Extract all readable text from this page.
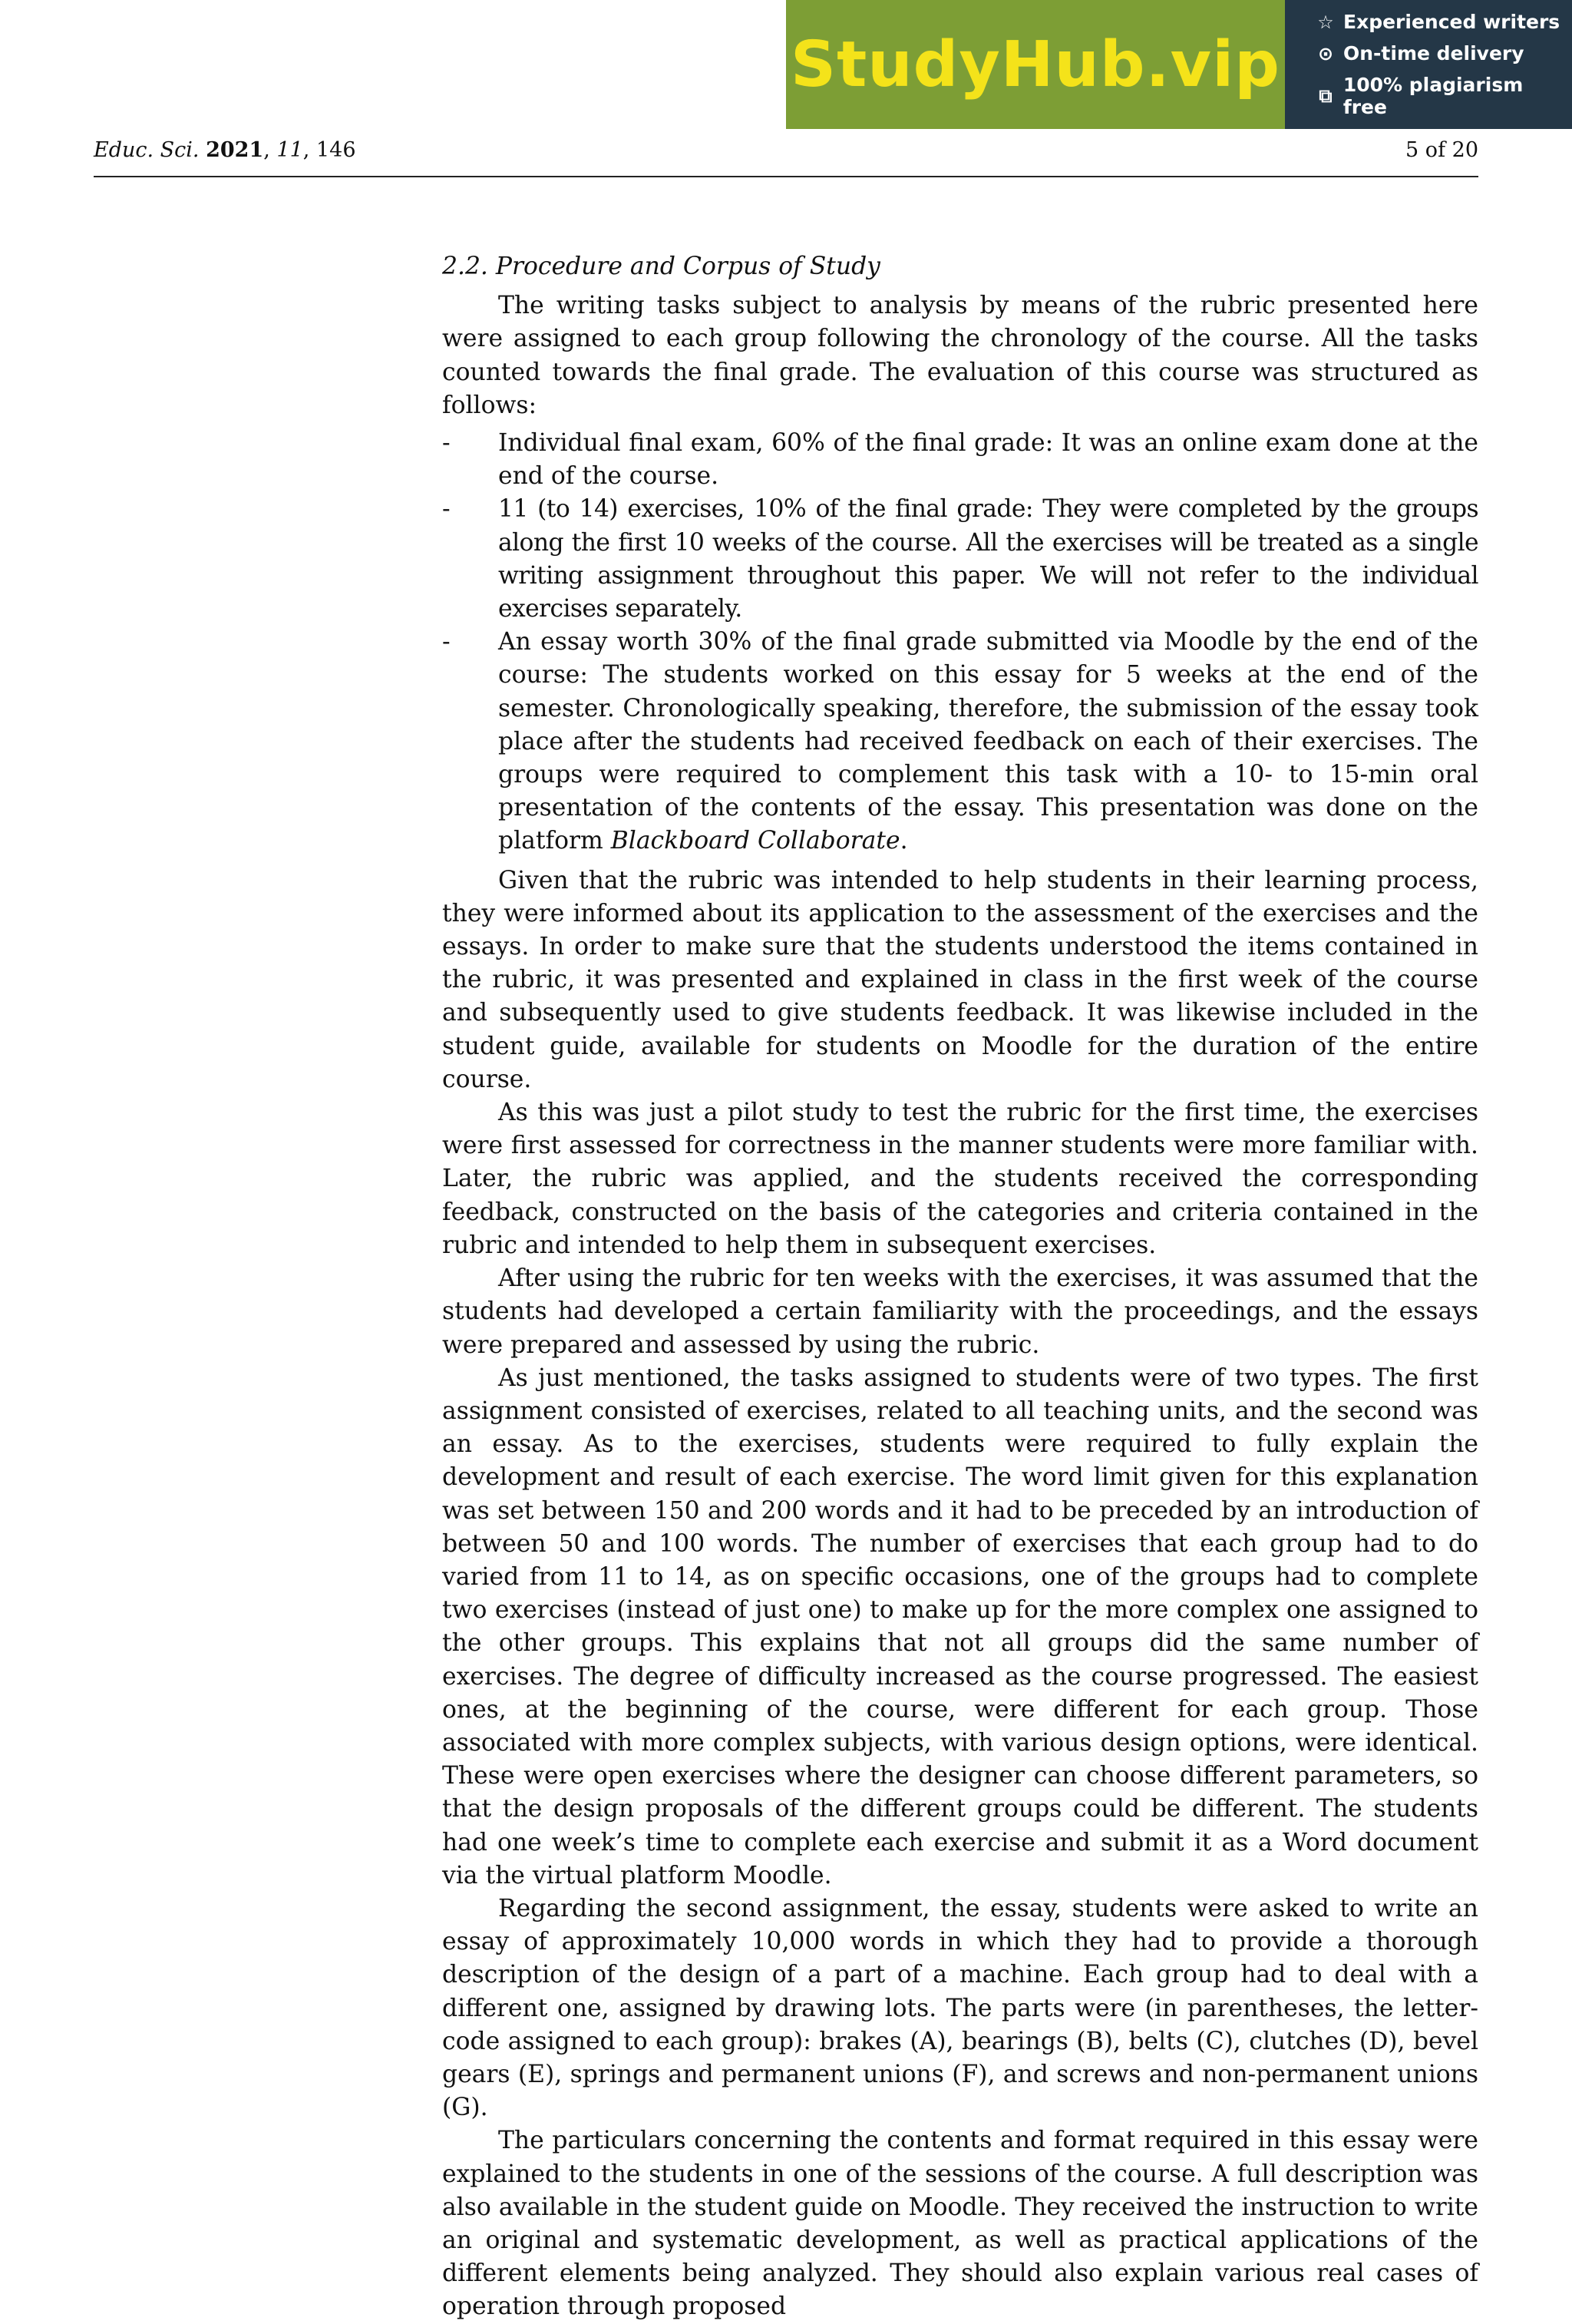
StudyHub.vip
☆ Experienced writers
⊙ On-time delivery
⧉ 100% plagiarism free
Educ. Sci. 2021, 11, 146	5 of 20

2.2. Procedure and Corpus of Study

The writing tasks subject to analysis by means of the rubric presented here were assigned to each group following the chronology of the course. All the tasks counted towards the final grade. The evaluation of this course was structured as follows:

- Individual final exam, 60% of the final grade: It was an online exam done at the end of the course.
- 11 (to 14) exercises, 10% of the final grade: They were completed by the groups along the first 10 weeks of the course. All the exercises will be treated as a single writing assignment throughout this paper. We will not refer to the individual exercises separately.
- An essay worth 30% of the final grade submitted via Moodle by the end of the course: The students worked on this essay for 5 weeks at the end of the semester. Chronologically speaking, therefore, the submission of the essay took place after the students had received feedback on each of their exercises. The groups were required to complement this task with a 10- to 15-min oral presentation of the contents of the essay. This presentation was done on the platform Blackboard Collaborate.

Given that the rubric was intended to help students in their learning process, they were informed about its application to the assessment of the exercises and the essays. In order to make sure that the students understood the items contained in the rubric, it was presented and explained in class in the first week of the course and subsequently used to give students feedback. It was likewise included in the student guide, available for students on Moodle for the duration of the entire course.

As this was just a pilot study to test the rubric for the first time, the exercises were first assessed for correctness in the manner students were more familiar with. Later, the rubric was applied, and the students received the corresponding feedback, constructed on the basis of the categories and criteria contained in the rubric and intended to help them in subsequent exercises.

After using the rubric for ten weeks with the exercises, it was assumed that the students had developed a certain familiarity with the proceedings, and the essays were prepared and assessed by using the rubric.

As just mentioned, the tasks assigned to students were of two types. The first assignment consisted of exercises, related to all teaching units, and the second was an essay. As to the exercises, students were required to fully explain the development and result of each exercise. The word limit given for this explanation was set between 150 and 200 words and it had to be preceded by an introduction of between 50 and 100 words. The number of exercises that each group had to do varied from 11 to 14, as on specific occasions, one of the groups had to complete two exercises (instead of just one) to make up for the more complex one assigned to the other groups. This explains that not all groups did the same number of exercises. The degree of difficulty increased as the course progressed. The easiest ones, at the beginning of the course, were different for each group. Those associated with more complex subjects, with various design options, were identical. These were open exercises where the designer can choose different parameters, so that the design proposals of the different groups could be different. The students had one week’s time to complete each exercise and submit it as a Word document via the virtual platform Moodle.

Regarding the second assignment, the essay, students were asked to write an essay of approximately 10,000 words in which they had to provide a thorough description of the design of a part of a machine. Each group had to deal with a different one, assigned by drawing lots. The parts were (in parentheses, the letter-code assigned to each group): brakes (A), bearings (B), belts (C), clutches (D), bevel gears (E), springs and permanent unions (F), and screws and non-permanent unions (G).

The particulars concerning the contents and format required in this essay were explained to the students in one of the sessions of the course. A full description was also available in the student guide on Moodle. They received the instruction to write an original and systematic development, as well as practical applications of the different elements being analyzed. They should also explain various real cases of operation through proposed
